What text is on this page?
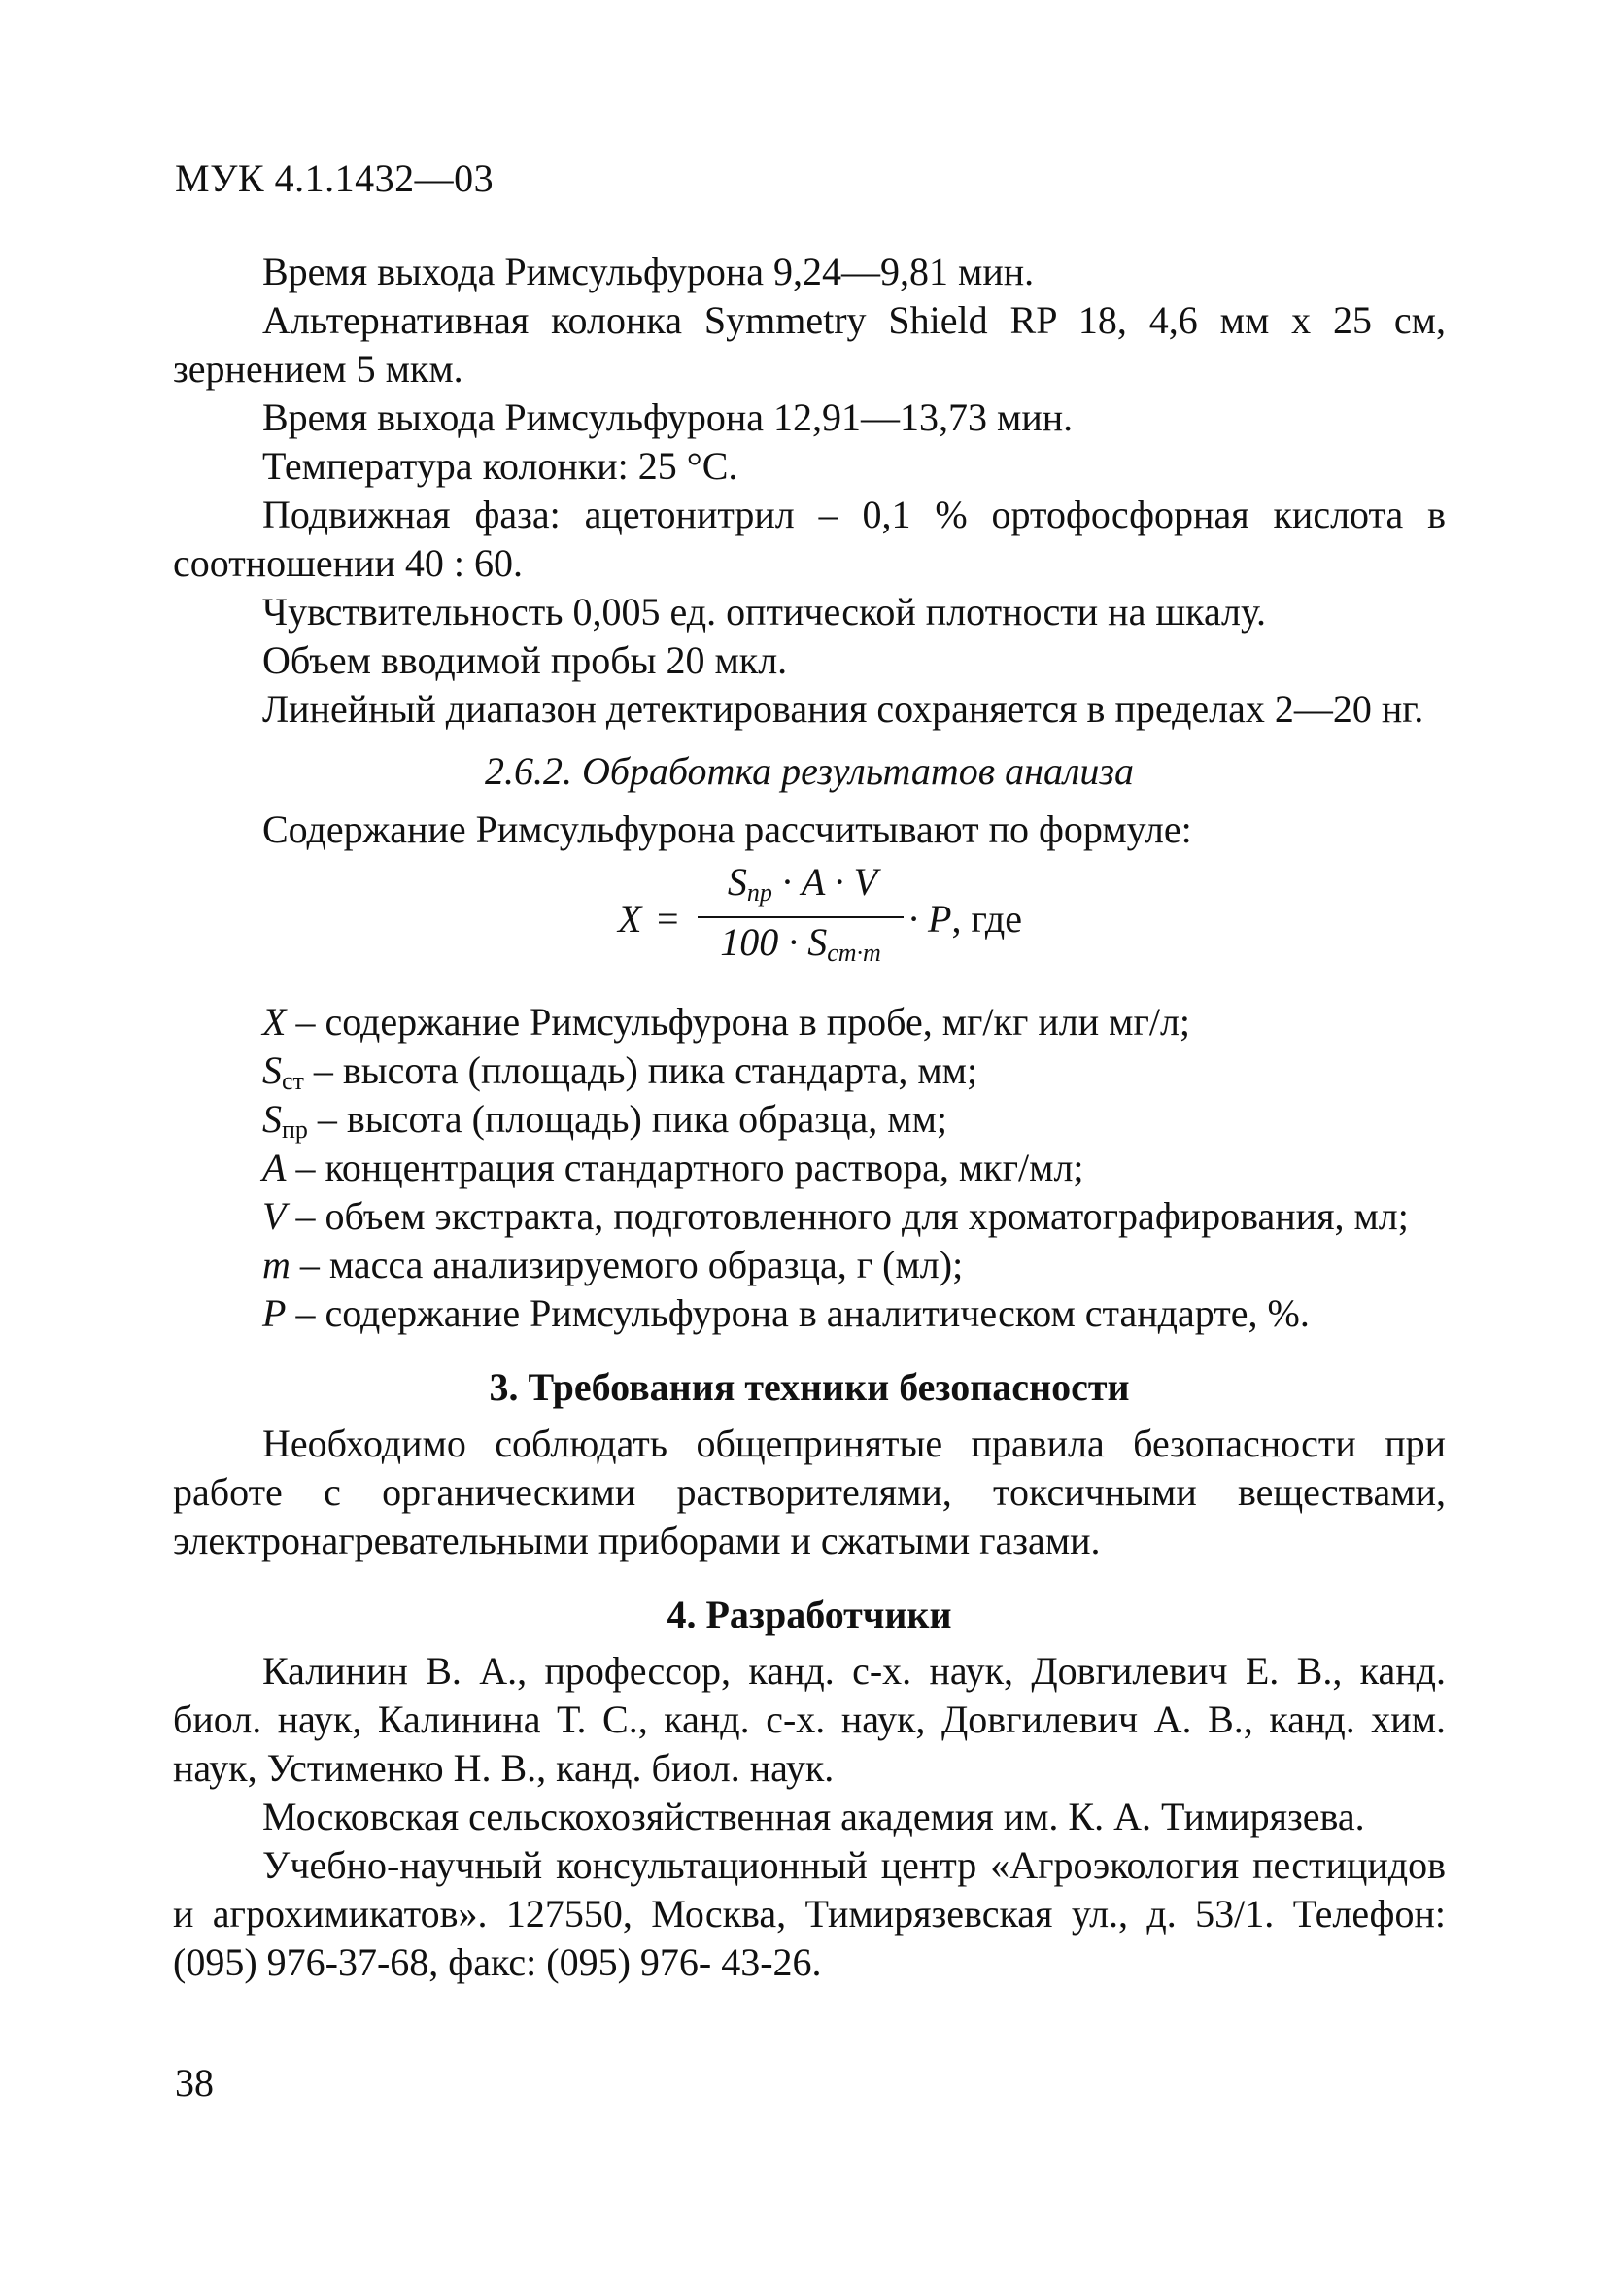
МУК 4.1.1432—03

Время выхода Римсульфурона 9,24—9,81 мин.

Альтернативная колонка Symmetry Shield RP 18, 4,6 мм х 25 см, зернением 5 мкм.

Время выхода Римсульфурона 12,91—13,73 мин.

Температура колонки: 25 °C.

Подвижная фаза: ацетонитрил – 0,1 % ортофосфорная кислота в соотношении 40 : 60.

Чувствительность 0,005 ед. оптической плотности на шкалу.

Объем вводимой пробы 20 мкл.

Линейный диапазон детектирования сохраняется в пределах 2—20 нг.

2.6.2. Обработка результатов анализа

Содержание Римсульфурона рассчитывают по формуле:

X =
$S_{пр} \cdot A \cdot V$
$100 \cdot S_{ст\cdot m}$
· P, где

X – содержание Римсульфурона в пробе, мг/кг или мг/л;

$S_{ст}$ – высота (площадь) пика стандарта, мм;

$S_{пр}$ – высота (площадь) пика образца, мм;

A – концентрация стандартного раствора, мкг/мл;

V – объем экстракта, подготовленного для хроматографирования, мл;

m – масса анализируемого образца, г (мл);

P – содержание Римсульфурона в аналитическом стандарте, %.

3. Требования техники безопасности

Необходимо соблюдать общепринятые правила безопасности при работе с органическими растворителями, токсичными веществами, электронагревательными приборами и сжатыми газами.

4. Разработчики

Калинин В. А., профессор, канд. с-х. наук, Довгилевич Е. В., канд. биол. наук, Калинина Т. С., канд. с-х. наук, Довгилевич А. В., канд. хим. наук, Устименко Н. В., канд. биол. наук.

Московская сельскохозяйственная академия им. К. А. Тимирязева.

Учебно-научный консультационный центр «Агроэкология пестицидов и агрохимикатов». 127550, Москва, Тимирязевская ул., д. 53/1. Телефон: (095) 976-37-68, факс: (095) 976- 43-26.

38
